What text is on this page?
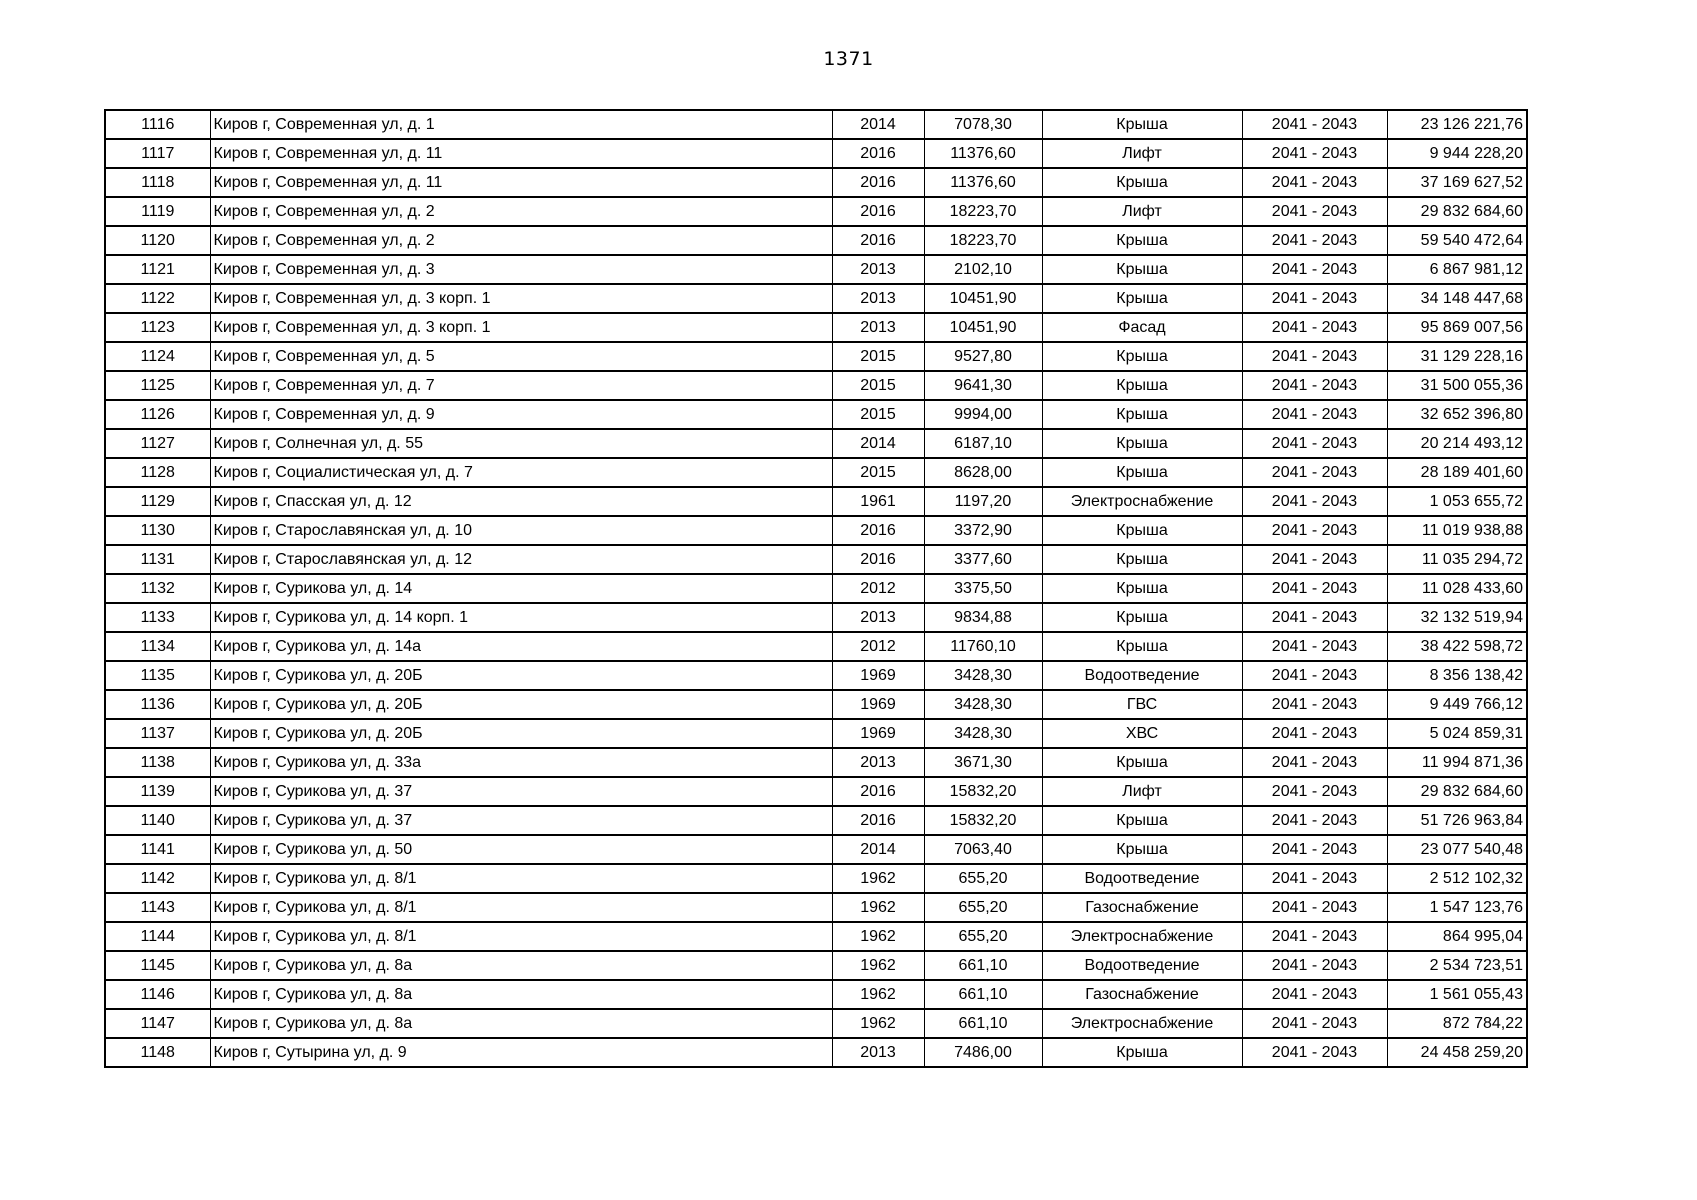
1371
1116	Киров г, Современная ул, д. 1	2014	7078,30	Крыша	2041 - 2043	23 126 221,76
1117	Киров г, Современная ул, д. 11	2016	11376,60	Лифт	2041 - 2043	9 944 228,20
1118	Киров г, Современная ул, д. 11	2016	11376,60	Крыша	2041 - 2043	37 169 627,52
1119	Киров г, Современная ул, д. 2	2016	18223,70	Лифт	2041 - 2043	29 832 684,60
1120	Киров г, Современная ул, д. 2	2016	18223,70	Крыша	2041 - 2043	59 540 472,64
1121	Киров г, Современная ул, д. 3	2013	2102,10	Крыша	2041 - 2043	6 867 981,12
1122	Киров г, Современная ул, д. 3 корп. 1	2013	10451,90	Крыша	2041 - 2043	34 148 447,68
1123	Киров г, Современная ул, д. 3 корп. 1	2013	10451,90	Фасад	2041 - 2043	95 869 007,56
1124	Киров г, Современная ул, д. 5	2015	9527,80	Крыша	2041 - 2043	31 129 228,16
1125	Киров г, Современная ул, д. 7	2015	9641,30	Крыша	2041 - 2043	31 500 055,36
1126	Киров г, Современная ул, д. 9	2015	9994,00	Крыша	2041 - 2043	32 652 396,80
1127	Киров г, Солнечная ул, д. 55	2014	6187,10	Крыша	2041 - 2043	20 214 493,12
1128	Киров г, Социалистическая ул, д. 7	2015	8628,00	Крыша	2041 - 2043	28 189 401,60
1129	Киров г, Спасская ул, д. 12	1961	1197,20	Электроснабжение	2041 - 2043	1 053 655,72
1130	Киров г, Старославянская ул, д. 10	2016	3372,90	Крыша	2041 - 2043	11 019 938,88
1131	Киров г, Старославянская ул, д. 12	2016	3377,60	Крыша	2041 - 2043	11 035 294,72
1132	Киров г, Сурикова ул, д. 14	2012	3375,50	Крыша	2041 - 2043	11 028 433,60
1133	Киров г, Сурикова ул, д. 14 корп. 1	2013	9834,88	Крыша	2041 - 2043	32 132 519,94
1134	Киров г, Сурикова ул, д. 14а	2012	11760,10	Крыша	2041 - 2043	38 422 598,72
1135	Киров г, Сурикова ул, д. 20Б	1969	3428,30	Водоотведение	2041 - 2043	8 356 138,42
1136	Киров г, Сурикова ул, д. 20Б	1969	3428,30	ГВС	2041 - 2043	9 449 766,12
1137	Киров г, Сурикова ул, д. 20Б	1969	3428,30	ХВС	2041 - 2043	5 024 859,31
1138	Киров г, Сурикова ул, д. 33а	2013	3671,30	Крыша	2041 - 2043	11 994 871,36
1139	Киров г, Сурикова ул, д. 37	2016	15832,20	Лифт	2041 - 2043	29 832 684,60
1140	Киров г, Сурикова ул, д. 37	2016	15832,20	Крыша	2041 - 2043	51 726 963,84
1141	Киров г, Сурикова ул, д. 50	2014	7063,40	Крыша	2041 - 2043	23 077 540,48
1142	Киров г, Сурикова ул, д. 8/1	1962	655,20	Водоотведение	2041 - 2043	2 512 102,32
1143	Киров г, Сурикова ул, д. 8/1	1962	655,20	Газоснабжение	2041 - 2043	1 547 123,76
1144	Киров г, Сурикова ул, д. 8/1	1962	655,20	Электроснабжение	2041 - 2043	864 995,04
1145	Киров г, Сурикова ул, д. 8а	1962	661,10	Водоотведение	2041 - 2043	2 534 723,51
1146	Киров г, Сурикова ул, д. 8а	1962	661,10	Газоснабжение	2041 - 2043	1 561 055,43
1147	Киров г, Сурикова ул, д. 8а	1962	661,10	Электроснабжение	2041 - 2043	872 784,22
1148	Киров г, Сутырина ул, д. 9	2013	7486,00	Крыша	2041 - 2043	24 458 259,20
